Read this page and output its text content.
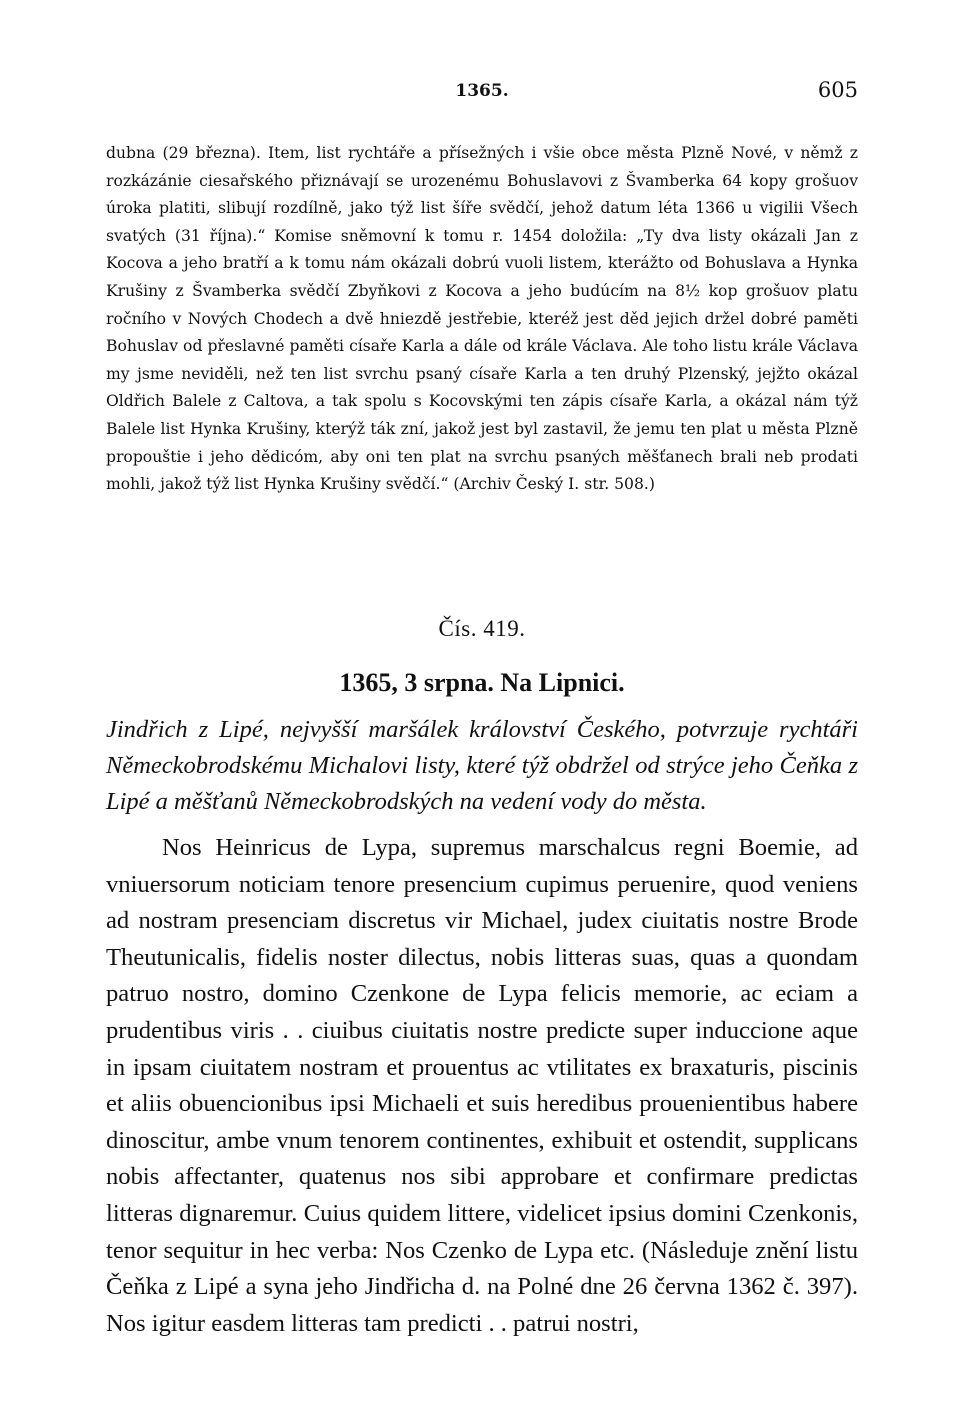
1365.	605

dubna (29 března). Item, list rychtáře a přísežných i všie obce města Plzně Nové, v němž z rozkázánie ciesařského přiznávají se urozenému Bohuslavovi z Švamberka 64 kopy grošuov úroka platiti, slibují rozdílně, jako týž list šíře svědčí, jehož datum léta 1366 u vigilii Všech svatých (31 října).“ Komise sněmovní k tomu r. 1454 doložila: „Ty dva listy okázali Jan z Kocova a jeho bratří a k tomu nám okázali dobrú vuoli listem, kterážto od Bohuslava a Hynka Krušiny z Švamberka svědčí Zbyňkovi z Kocova a jeho budúcím na 8½ kop grošuov platu ročního v Nových Chodech a dvě hniezdě jestřebie, kteréž jest děd jejich držel dobré paměti Bohuslav od přeslavné paměti císaře Karla a dále od krále Václava. Ale toho listu krále Václava my jsme neviděli, než ten list svrchu psaný císaře Karla a ten druhý Plzenský, jejžto okázal Oldřich Balele z Caltova, a tak spolu s Kocovskými ten zápis císaře Karla, a okázal nám týž Balele list Hynka Krušiny, kterýž ták zní, jakož jest byl zastavil, že jemu ten plat u města Plzně propouštie i jeho dědicóm, aby oni ten plat na svrchu psaných měšťanech brali neb prodati mohli, jakož týž list Hynka Krušiny svědčí.“ (Archiv Český I. str. 508.)

Čís. 419.
1365, 3 srpna. Na Lipnici.
Jindřich z Lipé, nejvyšší maršálek království Českého, potvrzuje rychtáři Německobrodskému Michalovi listy, které týž obdržel od strýce jeho Čeňka z Lipé a měšťanů Německobrodských na vedení vody do města.

Nos Heinricus de Lypa, supremus marschalcus regni Boemie, ad vniuersorum noticiam tenore presencium cupimus peruenire, quod veniens ad nostram presenciam discretus vir Michael, judex ciuitatis nostre Brode Theutunicalis, fidelis noster dilectus, nobis litteras suas, quas a quondam patruo nostro, domino Czenkone de Lypa felicis memorie, ac eciam a prudentibus viris . . ciuibus ciuitatis nostre predicte super induccione aque in ipsam ciuitatem nostram et prouentus ac vtilitates ex braxaturis, piscinis et aliis obuencionibus ipsi Michaeli et suis heredibus prouenientibus habere dinoscitur, ambe vnum tenorem continentes, exhibuit et ostendit, supplicans nobis affectanter, quatenus nos sibi approbare et confirmare predictas litteras dignaremur. Cuius quidem littere, videlicet ipsius domini Czenkonis, tenor sequitur in hec verba: Nos Czenko de Lypa etc. (Následuje znění listu Čeňka z Lipé a syna jeho Jindřicha d. na Polné dne 26 června 1362 č. 397). Nos igitur easdem litteras tam predicti . . patrui nostri,
